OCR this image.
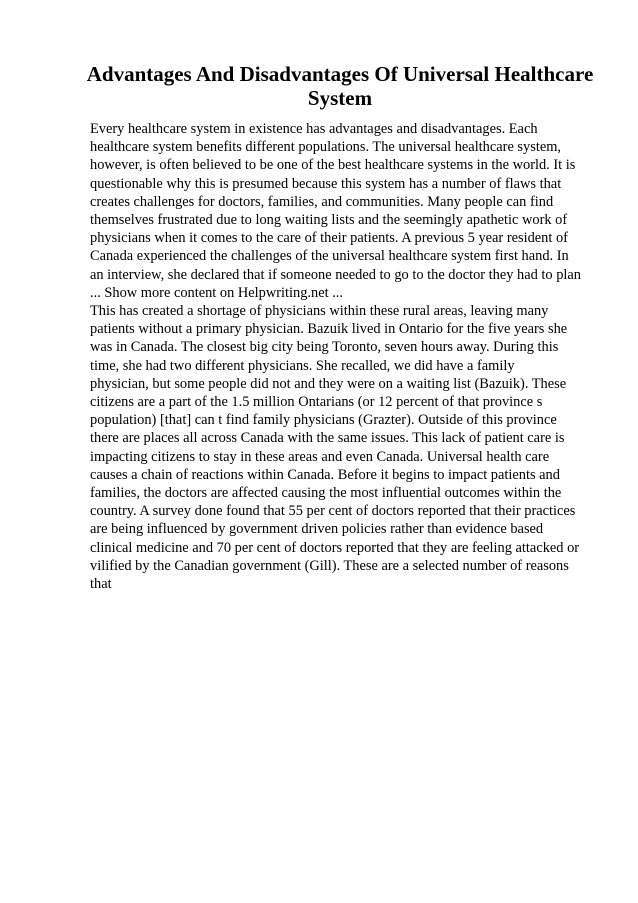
Advantages And Disadvantages Of Universal Healthcare
System
Every healthcare system in existence has advantages and disadvantages. Each
healthcare system benefits different populations. The universal healthcare system,
however, is often believed to be one of the best healthcare systems in the world. It is
questionable why this is presumed because this system has a number of flaws that
creates challenges for doctors, families, and communities. Many people can find
themselves frustrated due to long waiting lists and the seemingly apathetic work of
physicians when it comes to the care of their patients. A previous 5 year resident of
Canada experienced the challenges of the universal healthcare system first hand. In
an interview, she declared that if someone needed to go to the doctor they had to plan
... Show more content on Helpwriting.net ...
This has created a shortage of physicians within these rural areas, leaving many
patients without a primary physician. Bazuik lived in Ontario for the five years she
was in Canada. The closest big city being Toronto, seven hours away. During this
time, she had two different physicians. She recalled, we did have a family
physician, but some people did not and they were on a waiting list (Bazuik). These
citizens are a part of the 1.5 million Ontarians (or 12 percent of that province s
population) [that] can t find family physicians (Grazter). Outside of this province
there are places all across Canada with the same issues. This lack of patient care is
impacting citizens to stay in these areas and even Canada. Universal health care
causes a chain of reactions within Canada. Before it begins to impact patients and
families, the doctors are affected causing the most influential outcomes within the
country. A survey done found that 55 per cent of doctors reported that their practices
are being influenced by government driven policies rather than evidence based
clinical medicine and 70 per cent of doctors reported that they are feeling attacked or
vilified by the Canadian government (Gill). These are a selected number of reasons
that
